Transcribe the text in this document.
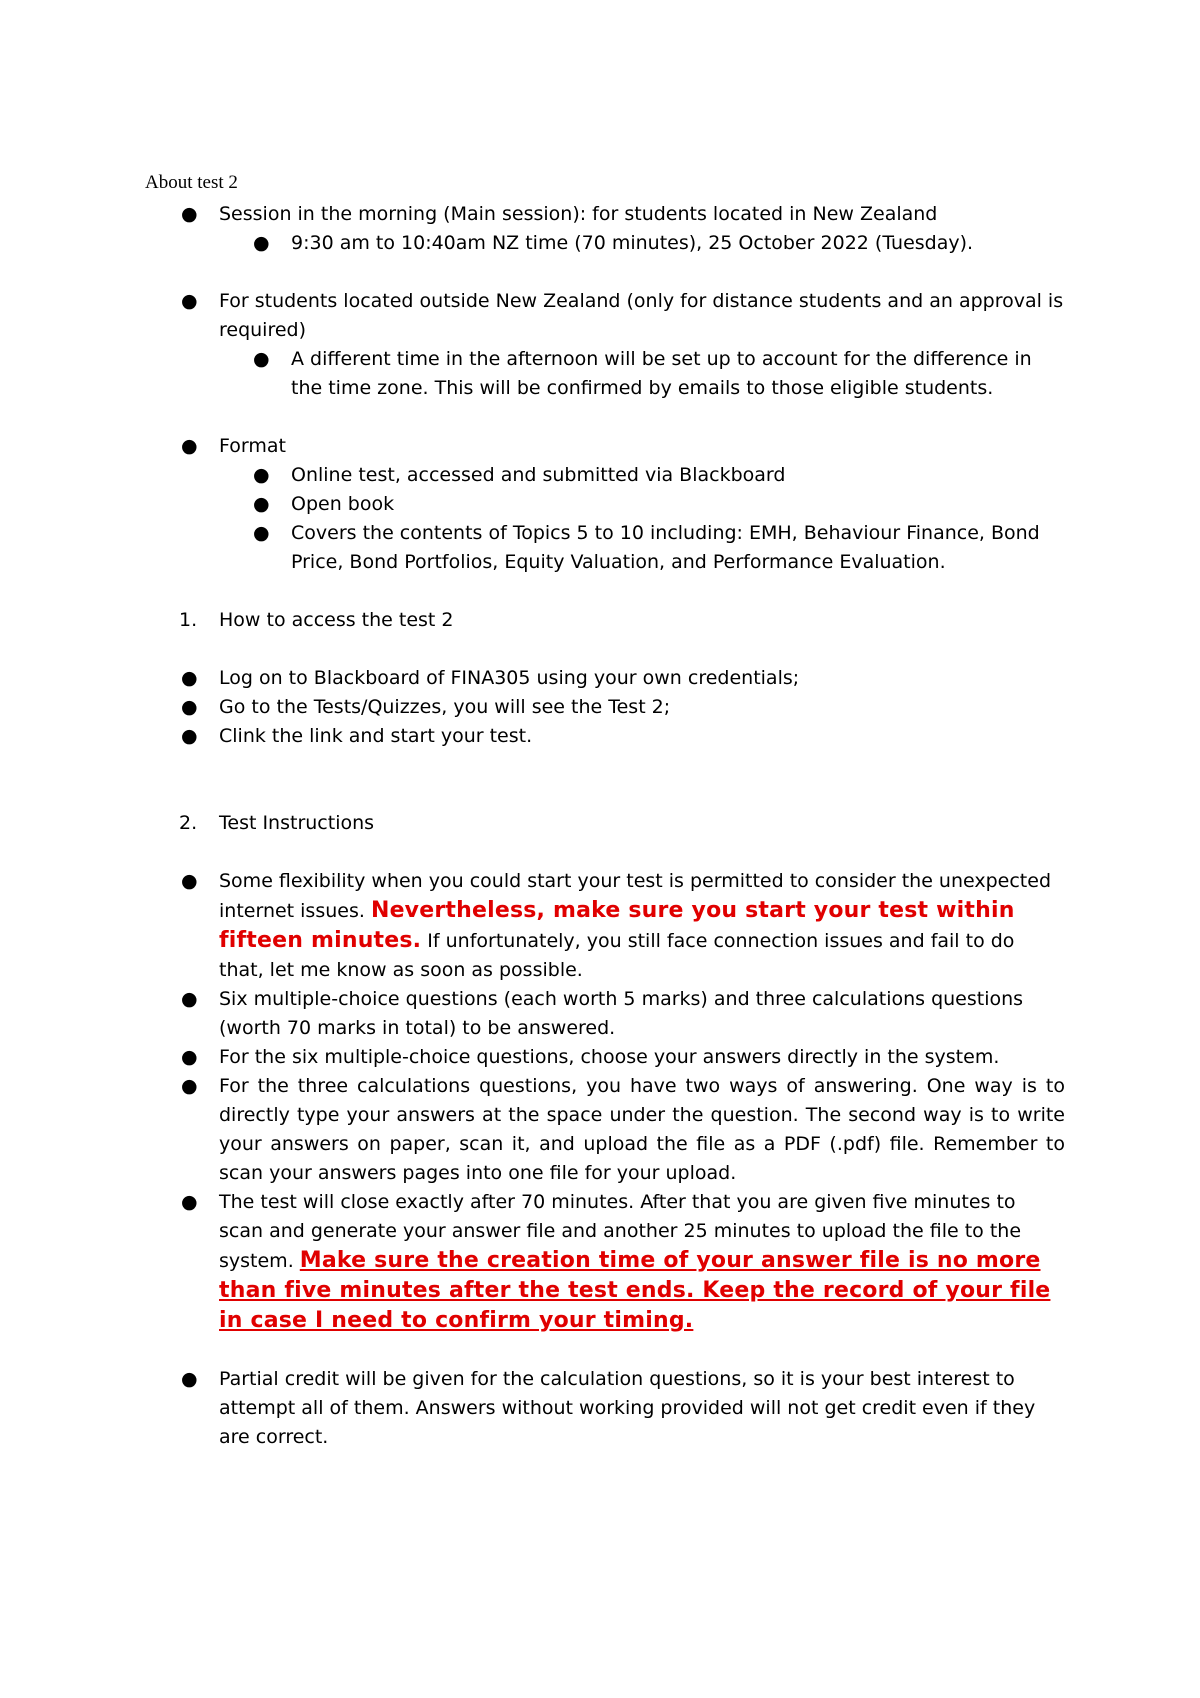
About test 2
● Session in the morning (Main session): for students located in New Zealand
● 9:30 am to 10:40am NZ time (70 minutes), 25 October 2022 (Tuesday).
● For students located outside New Zealand (only for distance students and an approval is required)
● A different time in the afternoon will be set up to account for the difference in the time zone. This will be confirmed by emails to those eligible students.
● Format
● Online test, accessed and submitted via Blackboard
● Open book
● Covers the contents of Topics 5 to 10 including: EMH, Behaviour Finance, Bond Price, Bond Portfolios, Equity Valuation, and Performance Evaluation.
1. How to access the test 2
● Log on to Blackboard of FINA305 using your own credentials;
● Go to the Tests/Quizzes, you will see the Test 2;
● Clink the link and start your test.
2. Test Instructions
● Some flexibility when you could start your test is permitted to consider the unexpected internet issues. Nevertheless, make sure you start your test within fifteen minutes. If unfortunately, you still face connection issues and fail to do that, let me know as soon as possible.
● Six multiple-choice questions (each worth 5 marks) and three calculations questions (worth 70 marks in total) to be answered.
● For the six multiple-choice questions, choose your answers directly in the system.
● For the three calculations questions, you have two ways of answering. One way is to directly type your answers at the space under the question. The second way is to write your answers on paper, scan it, and upload the file as a PDF (.pdf) file. Remember to scan your answers pages into one file for your upload.
● The test will close exactly after 70 minutes. After that you are given five minutes to scan and generate your answer file and another 25 minutes to upload the file to the system. Make sure the creation time of your answer file is no more than five minutes after the test ends. Keep the record of your file in case I need to confirm your timing.
● Partial credit will be given for the calculation questions, so it is your best interest to attempt all of them. Answers without working provided will not get credit even if they are correct.
